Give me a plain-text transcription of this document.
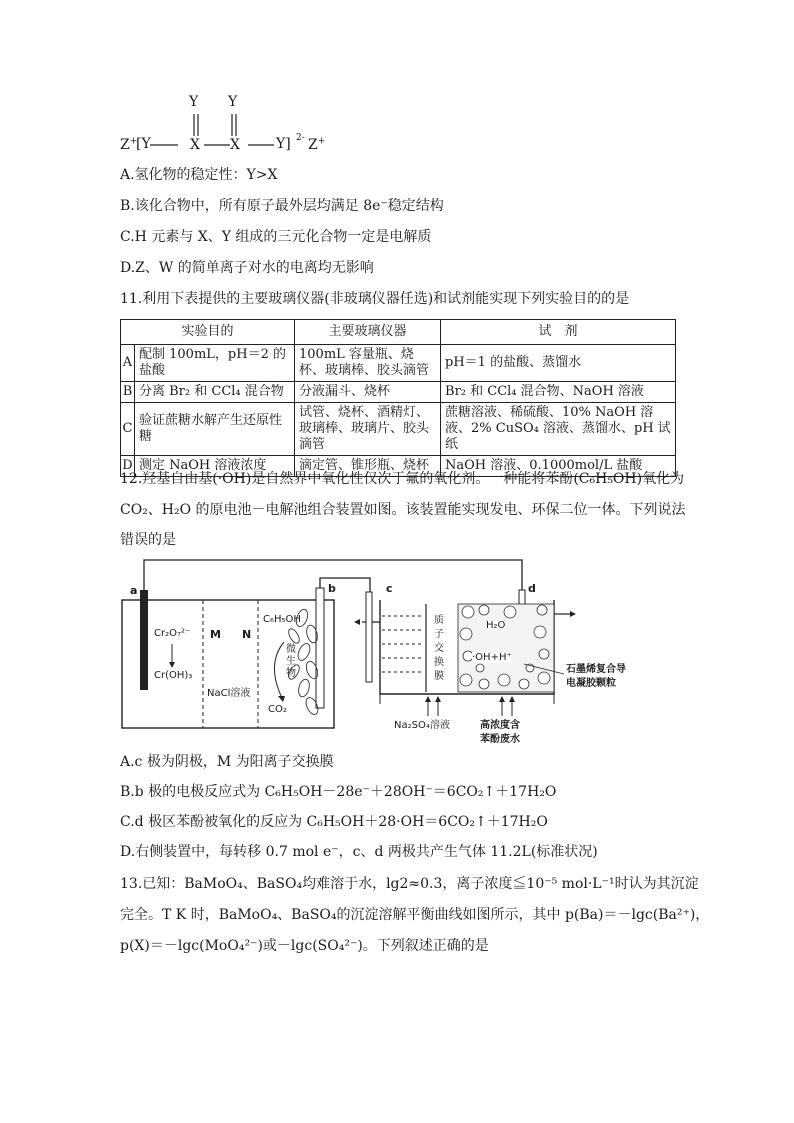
Y Y
Z+
[Y	X X	Y] 2- Z+
A.氢化物的稳定性：Y>X
B.该化合物中，所有原子最外层均满足 8e⁻稳定结构
C.H 元素与 X、Y 组成的三元化合物一定是电解质
D.Z、W 的简单离子对水的电离均无影响
11.利用下表提供的主要玻璃仪器(非玻璃仪器任选)和试剂能实现下列实验目的的是
实验目的		主要玻璃仪器	试　剂
A	配制 100mL，pH＝2 的盐酸	100mL 容量瓶、烧杯、玻璃棒、胶头滴管	pH＝1 的盐酸、蒸馏水
B	分离 Br₂ 和 CCl₄ 混合物	分液漏斗、烧杯	Br₂ 和 CCl₄ 混合物、NaOH 溶液
C	验证蔗糖水解产生还原性糖	试管、烧杯、酒精灯、玻璃棒、玻璃片、胶头滴管	蔗糖溶液、稀硫酸、10% NaOH 溶液、2% CuSO₄ 溶液、蒸馏水、pH 试纸
D	测定 NaOH 溶液浓度	滴定管、锥形瓶、烧杯	NaOH 溶液、0.1000mol/L 盐酸
12.羟基自由基(·OH)是自然界中氧化性仅次于氟的氧化剂。一种能将苯酚(C₆H₅OH)氧化为
CO₂、H₂O 的原电池－电解池组合装置如图。该装置能实现发电、环保二位一体。下列说法
错误的是
a	b	c	d
Cr₂O₇²⁻
Cr(OH)₃
M N
NaCl溶液
C₆H₅OH
微生物
CO₂
质子交换膜
H₂O
·OH+H⁺
石墨烯复合导
电凝胶颗粒
Na₂SO₄溶液	高浓度含
苯酚废水
A.c 极为阴极，M 为阳离子交换膜
B.b 极的电极反应式为 C₆H₅OH－28e⁻＋28OH⁻＝6CO₂↑＋17H₂O
C.d 极区苯酚被氧化的反应为 C₆H₅OH＋28·OH＝6CO₂↑＋17H₂O
D.右侧装置中，每转移 0.7 mol e⁻，c、d 两极共产生气体 11.2L(标准状况)
13.已知：BaMoO₄、BaSO₄均难溶于水，lg2≈0.3，离子浓度≦10⁻⁵ mol·L⁻¹时认为其沉淀
完全。T K 时，BaMoO₄、BaSO₄的沉淀溶解平衡曲线如图所示，其中 p(Ba)＝－lgc(Ba²⁺)，
p(X)＝－lgc(MoO₄²⁻)或－lgc(SO₄²⁻)。下列叙述正确的是
